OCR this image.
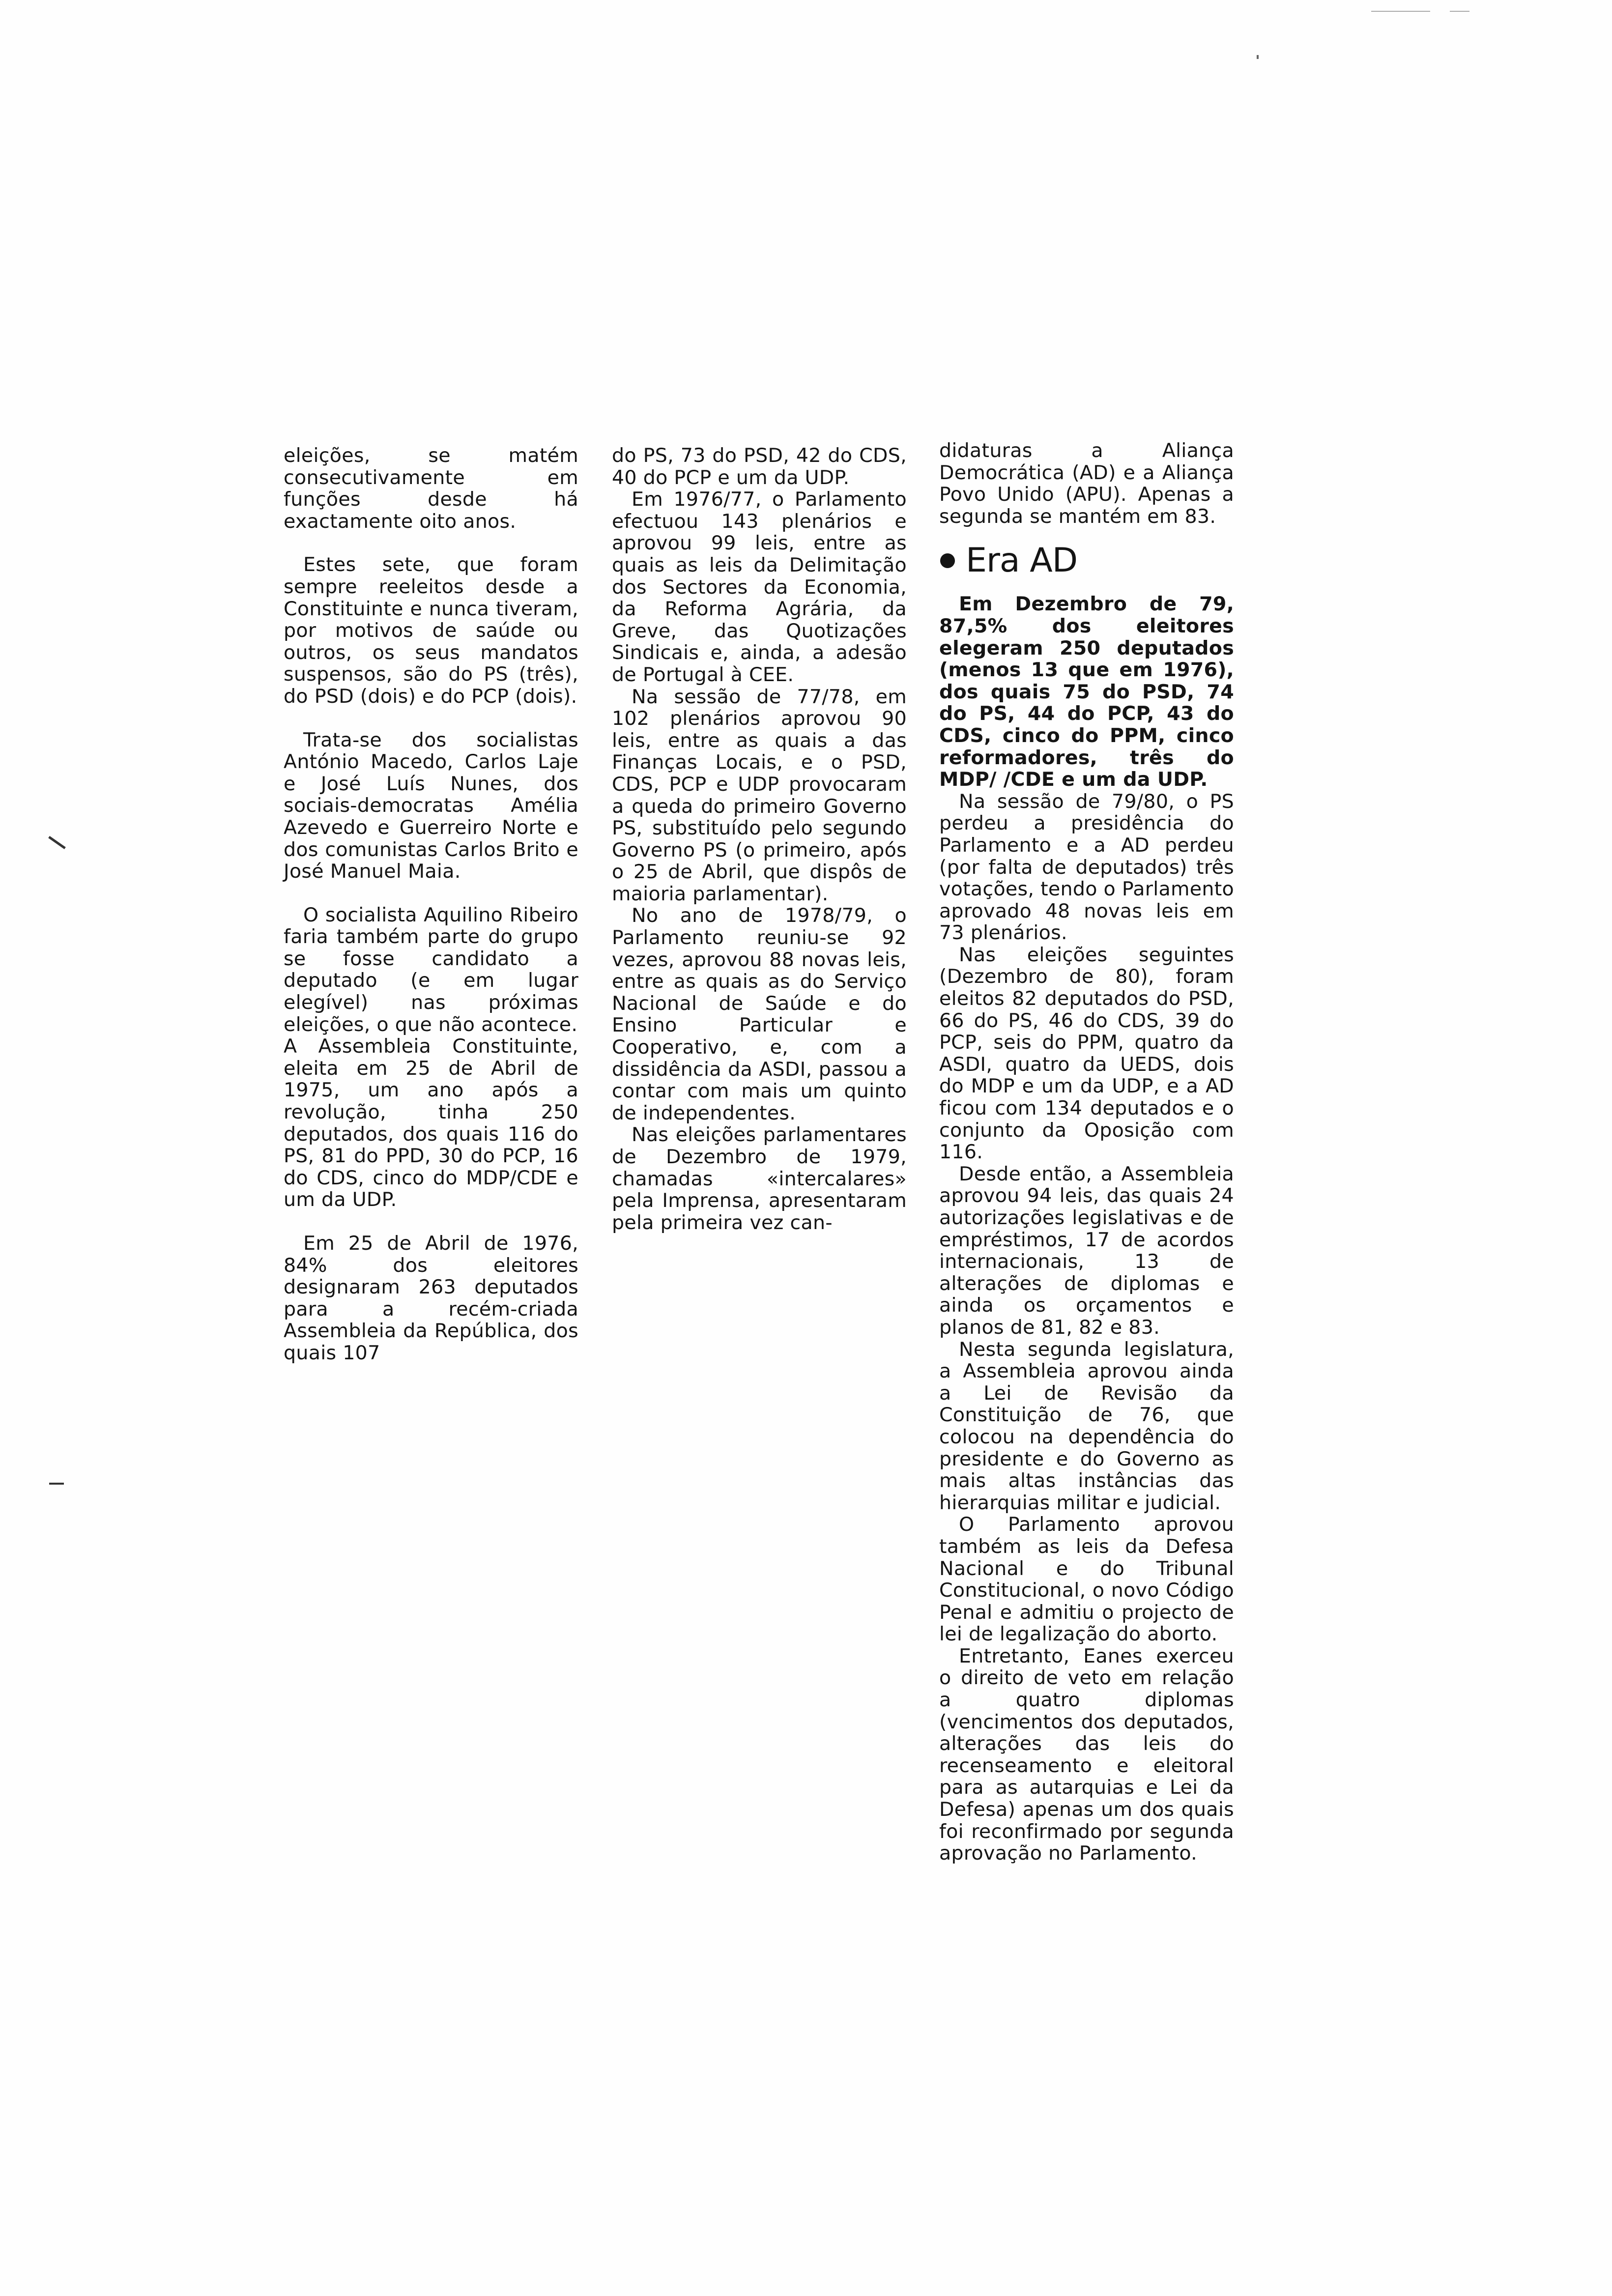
eleições, se matém consecutivamente em funções desde há exactamente oito anos.

Estes sete, que foram sempre reeleitos desde a Constituinte e nunca tiveram, por motivos de saúde ou outros, os seus mandatos suspensos, são do PS (três), do PSD (dois) e do PCP (dois).

Trata-se dos socialistas António Macedo, Carlos Laje e José Luís Nunes, dos sociais-democratas Amélia Azevedo e Guerreiro Norte e dos comunistas Carlos Brito e José Manuel Maia.

O socialista Aquilino Ribeiro faria também parte do grupo se fosse candidato a deputado (e em lugar elegível) nas próximas eleições, o que não acontece.

A Assembleia Constituinte, eleita em 25 de Abril de 1975, um ano após a revolução, tinha 250 deputados, dos quais 116 do PS, 81 do PPD, 30 do PCP, 16 do CDS, cinco do MDP/CDE e um da UDP.

Em 25 de Abril de 1976, 84% dos eleitores designaram 263 deputados para a recém-criada Assembleia da República, dos quais 107

do PS, 73 do PSD, 42 do CDS, 40 do PCP e um da UDP.

Em 1976/77, o Parlamento efectuou 143 plenários e aprovou 99 leis, entre as quais as leis da Delimitação dos Sectores da Economia, da Reforma Agrária, da Greve, das Quotizações Sindicais e, ainda, a adesão de Portugal à CEE.

Na sessão de 77/78, em 102 plenários aprovou 90 leis, entre as quais a das Finanças Locais, e o PSD, CDS, PCP e UDP provocaram a queda do primeiro Governo PS, substituído pelo segundo Governo PS (o primeiro, após o 25 de Abril, que dispôs de maioria parlamentar).

No ano de 1978/79, o Parlamento reuniu-se 92 vezes, aprovou 88 novas leis, entre as quais as do Serviço Nacional de Saúde e do Ensino Particular e Cooperativo, e, com a dissidência da ASDI, passou a contar com mais um quinto de independentes.

Nas eleições parlamentares de Dezembro de 1979, chamadas «intercalares» pela Imprensa, apresentaram pela primeira vez can-

didaturas a Aliança Democrática (AD) e a Aliança Povo Unido (APU). Apenas a segunda se mantém em 83.

Era AD

Em Dezembro de 79, 87,5% dos eleitores elegeram 250 deputados (menos 13 que em 1976), dos quais 75 do PSD, 74 do PS, 44 do PCP, 43 do CDS, cinco do PPM, cinco reformadores, três do MDP/ /CDE e um da UDP.

Na sessão de 79/80, o PS perdeu a presidência do Parlamento e a AD perdeu (por falta de deputados) três votações, tendo o Parlamento aprovado 48 novas leis em 73 plenários.

Nas eleições seguintes (Dezembro de 80), foram eleitos 82 deputados do PSD, 66 do PS, 46 do CDS, 39 do PCP, seis do PPM, quatro da ASDI, quatro da UEDS, dois do MDP e um da UDP, e a AD ficou com 134 deputados e o conjunto da Oposição com 116.

Desde então, a Assembleia aprovou 94 leis, das quais 24 autorizações legislativas e de empréstimos, 17 de acordos internacionais, 13 de alterações de diplomas e ainda os orçamentos e planos de 81, 82 e 83.

Nesta segunda legislatura, a Assembleia aprovou ainda a Lei de Revisão da Constituição de 76, que colocou na dependência do presidente e do Governo as mais altas instâncias das hierarquias militar e judicial.

O Parlamento aprovou também as leis da Defesa Nacional e do Tribunal Constitucional, o novo Código Penal e admitiu o projecto de lei de legalização do aborto.

Entretanto, Eanes exerceu o direito de veto em relação a quatro diplomas (vencimentos dos deputados, alterações das leis do recenseamento e eleitoral para as autarquias e Lei da Defesa) apenas um dos quais foi reconfirmado por segunda aprovação no Parlamento.
